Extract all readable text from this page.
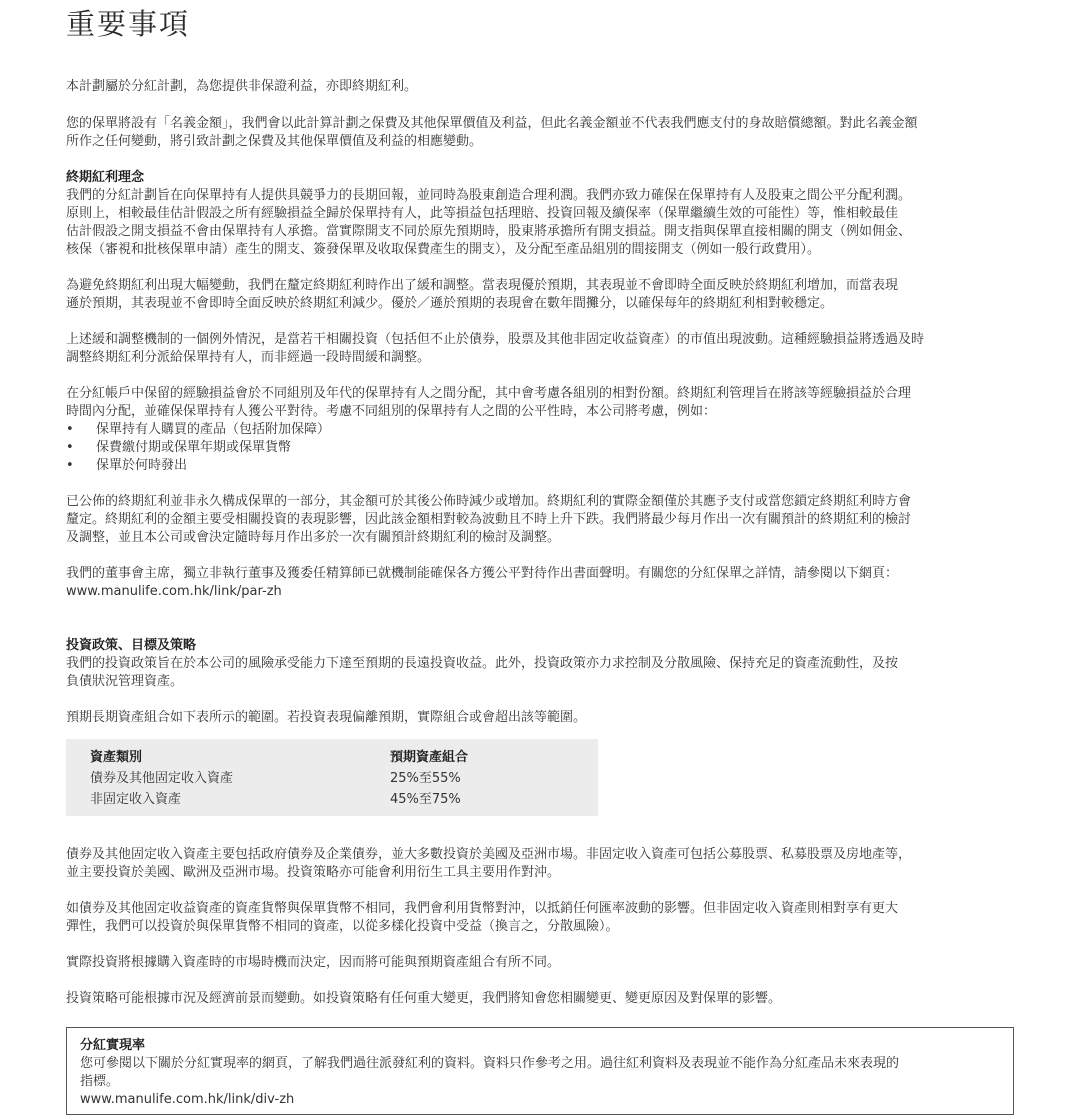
重要事項

本計劃屬於分紅計劃，為您提供非保證利益，亦即終期紅利。

您的保單將設有「名義金額」，我們會以此計算計劃之保費及其他保單價值及利益，但此名義金額並不代表我們應支付的身故賠償總額。對此名義金額

所作之任何變動，將引致計劃之保費及其他保單價值及利益的相應變動。

終期紅利理念

我們的分紅計劃旨在向保單持有人提供具競爭力的長期回報，並同時為股東創造合理利潤。我們亦致力確保在保單持有人及股東之間公平分配利潤。

原則上，相較最佳估計假設之所有經驗損益全歸於保單持有人，此等損益包括理賠、投資回報及續保率（保單繼續生效的可能性）等，惟相較最佳

估計假設之開支損益不會由保單持有人承擔。當實際開支不同於原先預期時，股東將承擔所有開支損益。開支指與保單直接相關的開支（例如佣金、

核保（審視和批核保單申請）產生的開支、簽發保單及收取保費產生的開支），及分配至產品組別的間接開支（例如一般行政費用）。

為避免終期紅利出現大幅變動，我們在釐定終期紅利時作出了緩和調整。當表現優於預期，其表現並不會即時全面反映於終期紅利增加，而當表現

遜於預期，其表現並不會即時全面反映於終期紅利減少。優於／遜於預期的表現會在數年間攤分，以確保每年的終期紅利相對較穩定。

上述緩和調整機制的一個例外情況，是當若干相關投資（包括但不止於債券，股票及其他非固定收益資產）的市值出現波動。這種經驗損益將透過及時

調整終期紅利分派給保單持有人，而非經過一段時間緩和調整。

在分紅帳戶中保留的經驗損益會於不同組別及年代的保單持有人之間分配，其中會考慮各組別的相對份額。終期紅利管理旨在將該等經驗損益於合理

時間內分配，並確保保單持有人獲公平對待。考慮不同組別的保單持有人之間的公平性時，本公司將考慮，例如：

• 保單持有人購買的產品（包括附加保障）
• 保費繳付期或保單年期或保單貨幣
• 保單於何時發出

已公佈的終期紅利並非永久構成保單的一部分，其金額可於其後公佈時減少或增加。終期紅利的實際金額僅於其應予支付或當您鎖定終期紅利時方會

釐定。終期紅利的金額主要受相關投資的表現影響，因此該金額相對較為波動且不時上升下跌。我們將最少每月作出一次有關預計的終期紅利的檢討

及調整，並且本公司或會決定隨時每月作出多於一次有關預計終期紅利的檢討及調整。

我們的董事會主席，獨立非執行董事及獲委任精算師已就機制能確保各方獲公平對待作出書面聲明。有關您的分紅保單之詳情，請參閱以下網頁：

www.manulife.com.hk/link/par-zh

投資政策、目標及策略

我們的投資政策旨在於本公司的風險承受能力下達至預期的長遠投資收益。此外，投資政策亦力求控制及分散風險、保持充足的資產流動性，及按

負債狀況管理資產。

預期長期資產組合如下表所示的範圍。若投資表現偏離預期，實際組合或會超出該等範圍。

資產類別	預期資產組合
債券及其他固定收入資產	25%至55%
非固定收入資產	45%至75%

債券及其他固定收入資產主要包括政府債券及企業債券，並大多數投資於美國及亞洲市場。非固定收入資產可包括公募股票、私募股票及房地產等，

並主要投資於美國、歐洲及亞洲市場。投資策略亦可能會利用衍生工具主要用作對沖。

如債券及其他固定收益資產的資產貨幣與保單貨幣不相同，我們會利用貨幣對沖，以抵銷任何匯率波動的影響。但非固定收入資產則相對享有更大

彈性，我們可以投資於與保單貨幣不相同的資產，以從多樣化投資中受益（換言之，分散風險）。

實際投資將根據購入資產時的市場時機而決定，因而將可能與預期資產組合有所不同。

投資策略可能根據市況及經濟前景而變動。如投資策略有任何重大變更，我們將知會您相關變更、變更原因及對保單的影響。

分紅實現率

您可參閱以下關於分紅實現率的網頁，了解我們過往派發紅利的資料。資料只作參考之用。過往紅利資料及表現並不能作為分紅產品未來表現的

指標。

www.manulife.com.hk/link/div-zh
